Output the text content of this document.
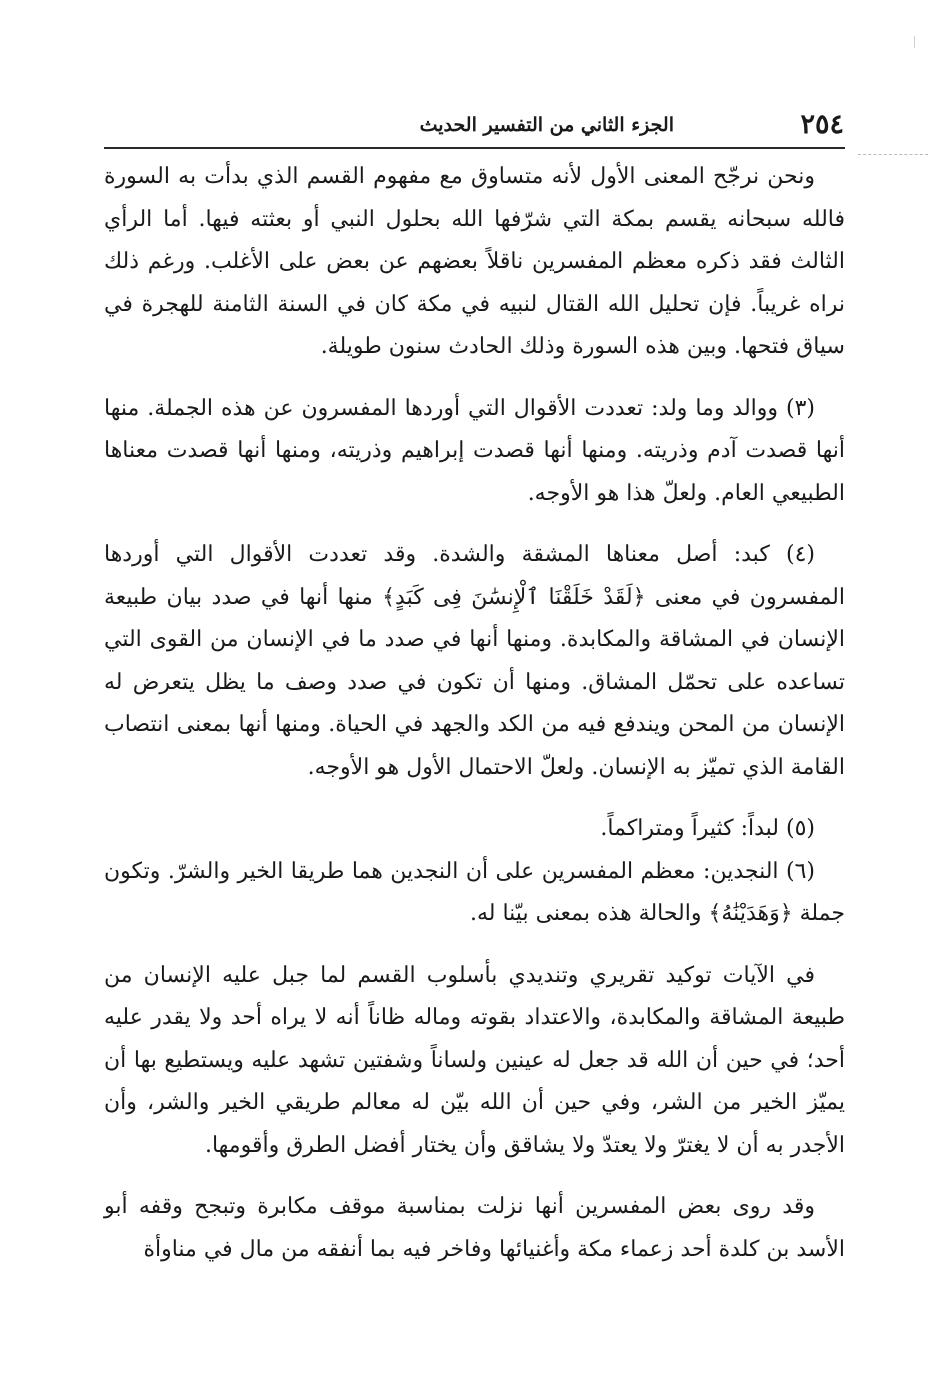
٢٥٤
الجزء الثاني من التفسير الحديث

ونحن نرجّح المعنى الأول لأنه متساوق مع مفهوم القسم الذي بدأت به السورة فالله سبحانه يقسم بمكة التي شرّفها الله بحلول النبي أو بعثته فيها. أما الرأي الثالث فقد ذكره معظم المفسرين ناقلاً بعضهم عن بعض على الأغلب. ورغم ذلك نراه غريباً. فإن تحليل الله القتال لنبيه في مكة كان في السنة الثامنة للهجرة في سياق فتحها. وبين هذه السورة وذلك الحادث سنون طويلة.

(٣) ووالد وما ولد: تعددت الأقوال التي أوردها المفسرون عن هذه الجملة. منها أنها قصدت آدم وذريته. ومنها أنها قصدت إبراهيم وذريته، ومنها أنها قصدت معناها الطبيعي العام. ولعلّ هذا هو الأوجه.

(٤) كبد: أصل معناها المشقة والشدة. وقد تعددت الأقوال التي أوردها المفسرون في معنى ﴿لَقَدْ خَلَقْنَا ٱلْإِنسَٰنَ فِى كَبَدٍ﴾ منها أنها في صدد بيان طبيعة الإنسان في المشاقة والمكابدة. ومنها أنها في صدد ما في الإنسان من القوى التي تساعده على تحمّل المشاق. ومنها أن تكون في صدد وصف ما يظل يتعرض له الإنسان من المحن ويندفع فيه من الكد والجهد في الحياة. ومنها أنها بمعنى انتصاب القامة الذي تميّز به الإنسان. ولعلّ الاحتمال الأول هو الأوجه.

(٥) لبداً: كثيراً ومتراكماً.

(٦) النجدين: معظم المفسرين على أن النجدين هما طريقا الخير والشرّ. وتكون جملة ﴿وَهَدَيْنَٰهُ﴾ والحالة هذه بمعنى بيّنا له.

في الآيات توكيد تقريري وتنديدي بأسلوب القسم لما جبل عليه الإنسان من طبيعة المشاقة والمكابدة، والاعتداد بقوته وماله ظاناً أنه لا يراه أحد ولا يقدر عليه أحد؛ في حين أن الله قد جعل له عينين ولساناً وشفتين تشهد عليه ويستطيع بها أن يميّز الخير من الشر، وفي حين أن الله بيّن له معالم طريقي الخير والشر، وأن الأجدر به أن لا يغترّ ولا يعتدّ ولا يشاقق وأن يختار أفضل الطرق وأقومها.

وقد روى بعض المفسرين أنها نزلت بمناسبة موقف مكابرة وتبجح وقفه أبو الأسد بن كلدة أحد زعماء مكة وأغنيائها وفاخر فيه بما أنفقه من مال في مناوأة
